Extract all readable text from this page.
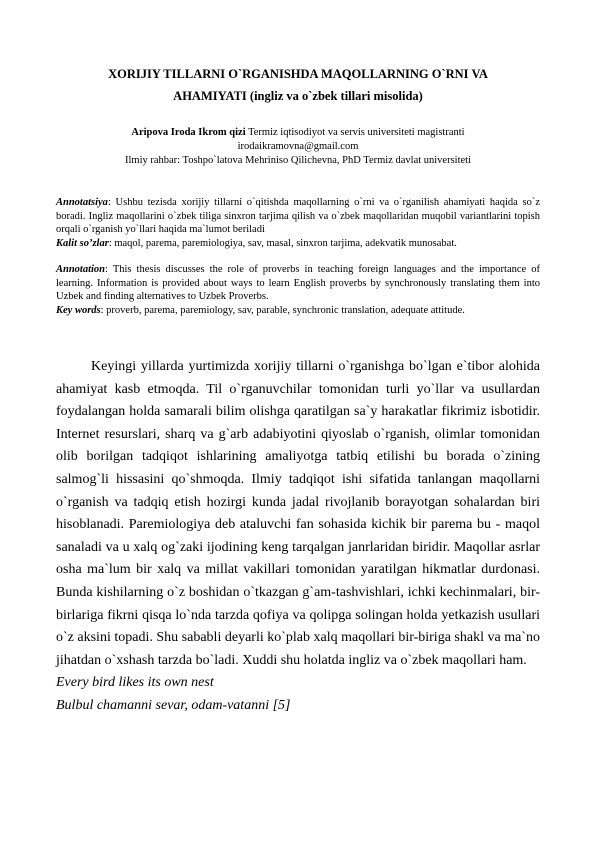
XORIJIY TILLARNI O`RGANISHDA MAQOLLARNING O`RNI VA
AHAMIYATI (ingliz va o`zbek tillari misolida)
Aripova Iroda Ikrom qizi Termiz iqtisodiyot va servis universiteti magistranti
irodaikramovna@gmail.com
Ilmiy rahbar: Toshpo`latova Mehriniso Qilichevna, PhD Termiz davlat universiteti

Annotatsiya: Ushbu tezisda xorijiy tillarni o`qitishda maqollarning o`rni va o`rganilish ahamiyati haqida so`z boradi. Ingliz maqollarini o`zbek tiliga sinxron tarjima qilish va o`zbek maqollaridan muqobil variantlarini topish orqali o`rganish yo`llari haqida ma`lumot beriladi

Kalit so’zlar: maqol, parema, paremiologiya, sav, masal, sinxron tarjima, adekvatik munosabat.

Annotation: This thesis discusses the role of proverbs in teaching foreign languages and the importance of learning. Information is provided about ways to learn English proverbs by synchronously translating them into Uzbek and finding alternatives to Uzbek Proverbs.

Key words: proverb, parema, paremiology, sav, parable, synchronic translation, adequate attitude.

Keyingi yillarda yurtimizda xorijiy tillarni o`rganishga bo`lgan e`tibor alohida ahamiyat kasb etmoqda. Til o`rganuvchilar tomonidan turli yo`llar va usullardan foydalangan holda samarali bilim olishga qaratilgan sa`y harakatlar fikrimiz isbotidir. Internet resurslari, sharq va g`arb adabiyotini qiyoslab o`rganish, olimlar tomonidan olib borilgan tadqiqot ishlarining amaliyotga tatbiq etilishi bu borada o`zining salmog`li hissasini qo`shmoqda. Ilmiy tadqiqot ishi sifatida tanlangan maqollarni o`rganish va tadqiq etish hozirgi kunda jadal rivojlanib borayotgan sohalardan biri hisoblanadi. Paremiologiya deb ataluvchi fan sohasida kichik bir parema bu - maqol sanaladi va u xalq og`zaki ijodining keng tarqalgan janrlaridan biridir. Maqollar asrlar osha ma`lum bir xalq va millat vakillari tomonidan yaratilgan hikmatlar durdonasi. Bunda kishilarning o`z boshidan o`tkazgan g`am-tashvishlari, ichki kechinmalari, bir-birlariga fikrni qisqa lo`nda tarzda qofiya va qolipga solingan holda yetkazish usullari o`z aksini topadi. Shu sababli deyarli ko`plab xalq maqollari bir-biriga shakl va ma`no jihatdan o`xshash tarzda bo`ladi. Xuddi shu holatda ingliz va o`zbek maqollari ham.

Every bird likes its own nest

Bulbul chamanni sevar, odam-vatanni [5]
